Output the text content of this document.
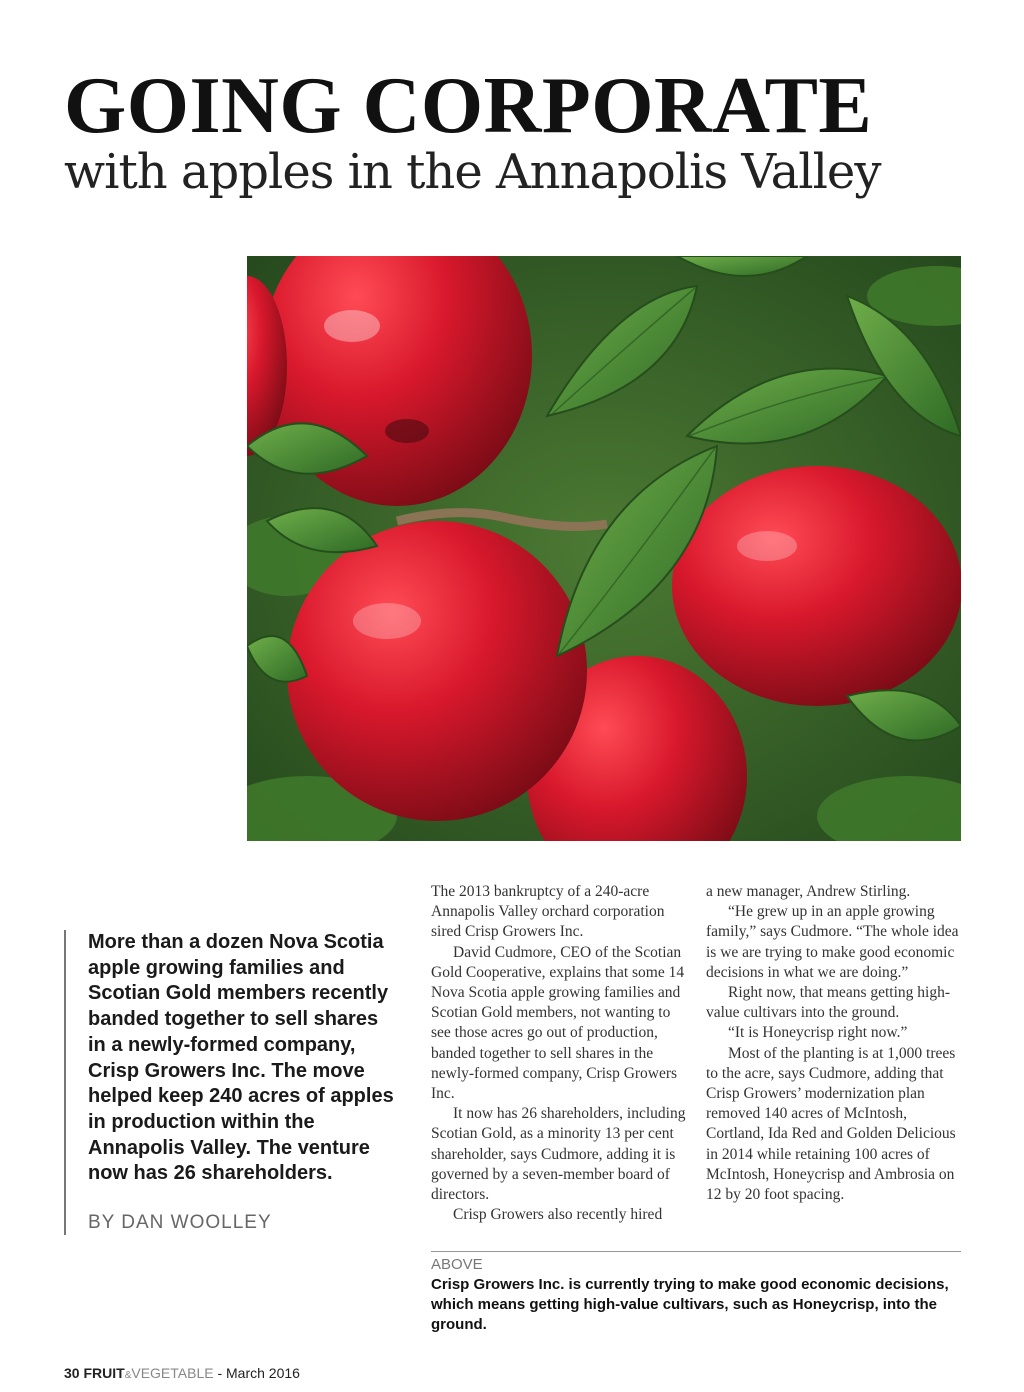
GOING CORPORATE
with apples in the Annapolis Valley

More than a dozen Nova Scotia apple growing families and Scotian Gold members recently banded together to sell shares in a newly-formed company, Crisp Growers Inc. The move helped keep 240 acres of apples in production within the Annapolis Valley. The venture now has 26 shareholders.

BY DAN WOOLLEY

The 2013 bankruptcy of a 240-acre Annapolis Valley orchard corporation sired Crisp Growers Inc.

David Cudmore, CEO of the Scotian Gold Cooperative, explains that some 14 Nova Scotia apple growing families and Scotian Gold members, not wanting to see those acres go out of production, banded together to sell shares in the newly-formed company, Crisp Growers Inc.

It now has 26 shareholders, including Scotian Gold, as a minority 13 per cent shareholder, says Cudmore, adding it is governed by a seven-member board of directors.

Crisp Growers also recently hired

a new manager, Andrew Stirling.

“He grew up in an apple growing family,” says Cudmore. “The whole idea is we are trying to make good economic decisions in what we are doing.”

Right now, that means getting high-value cultivars into the ground.

“It is Honeycrisp right now.”

Most of the planting is at 1,000 trees to the acre, says Cudmore, adding that Crisp Growers’ modernization plan removed 140 acres of McIntosh, Cortland, Ida Red and Golden Delicious in 2014 while retaining 100 acres of McIntosh, Honeycrisp and Ambrosia on 12 by 20 foot spacing.

ABOVE

Crisp Growers Inc. is currently trying to make good economic decisions, which means getting high-value cultivars, such as Honeycrisp, into the ground.

30 FRUIT&VEGETABLE - March 2016
